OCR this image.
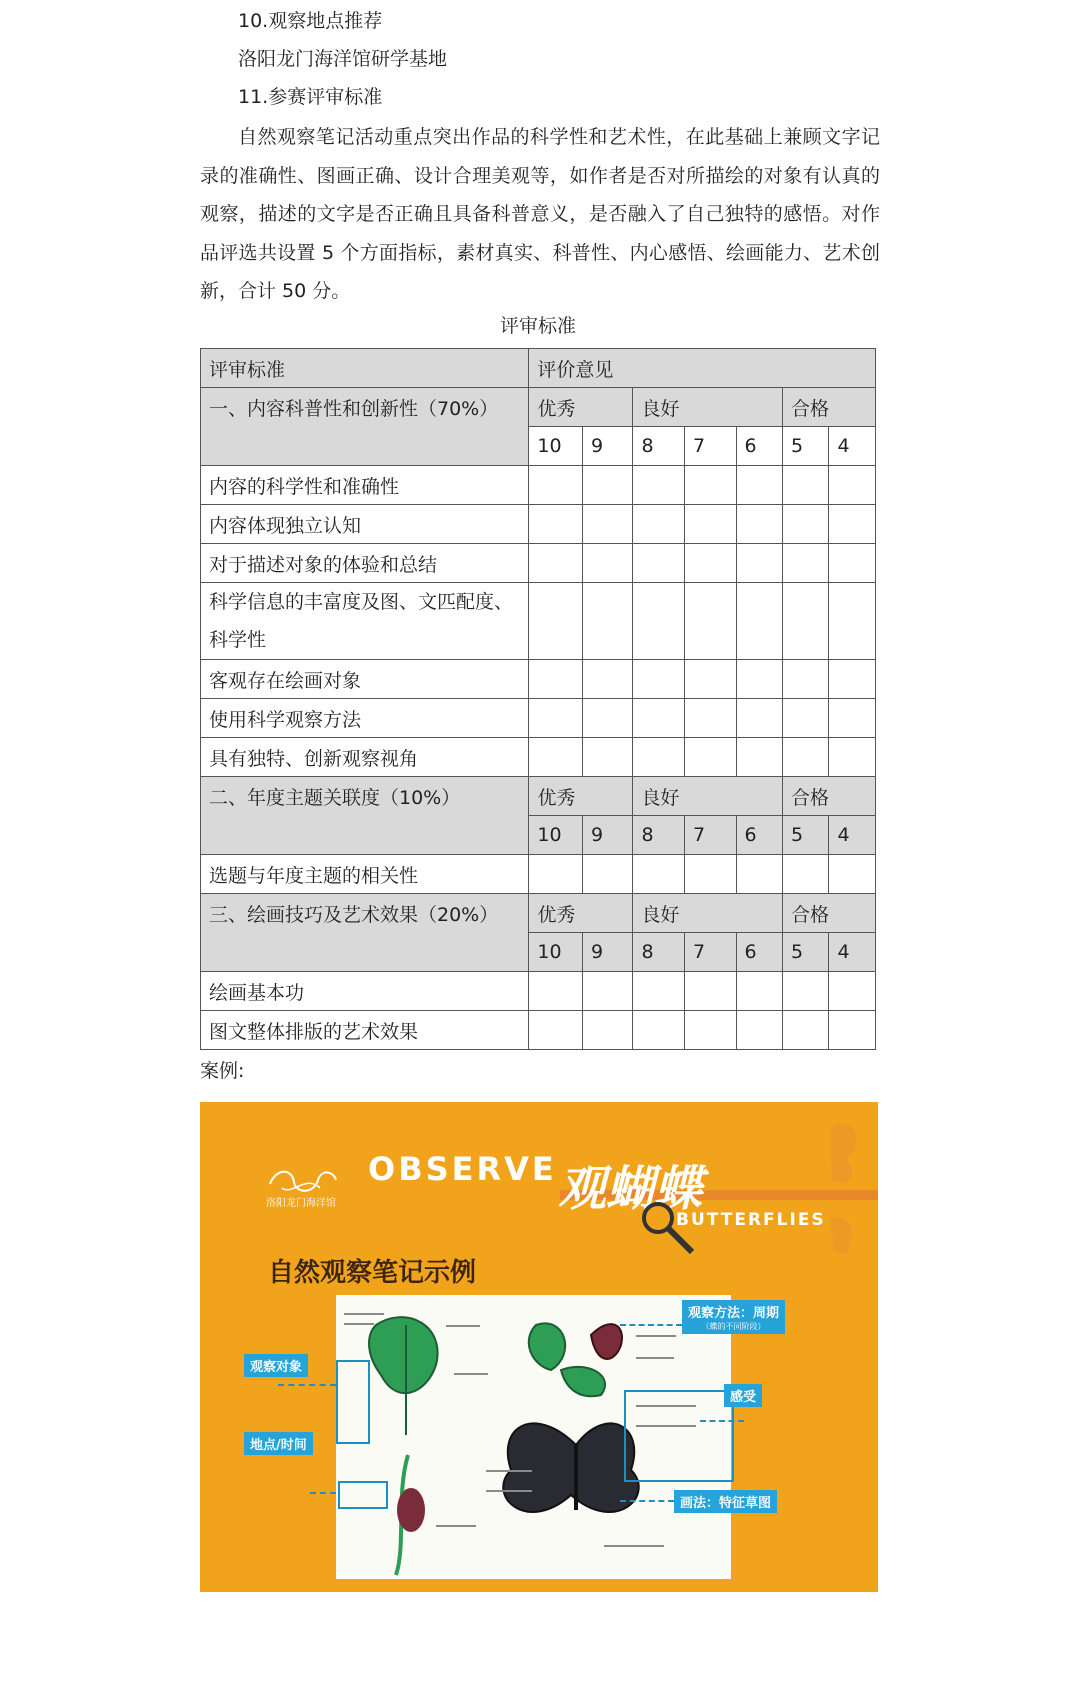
10.观察地点推荐
洛阳龙门海洋馆研学基地
11.参赛评审标准
自然观察笔记活动重点突出作品的科学性和艺术性，在此基础上兼顾文字记录的准确性、图画正确、设计合理美观等，如作者是否对所描绘的对象有认真的观察，描述的文字是否正确且具备科普意义，是否融入了自己独特的感悟。对作品评选共设置 5 个方面指标，素材真实、科普性、内心感悟、绘画能力、艺术创新，合计 50 分。
评审标准
评审标准	评价意见						
一、内容科普性和创新性（70%）	优秀		良好			合格	
	10	9	8	7	6	5	4
内容的科学性和准确性							
内容体现独立认知							
对于描述对象的体验和总结							
科学信息的丰富度及图、文匹配度、科学性							
客观存在绘画对象							
使用科学观察方法							
具有独特、创新观察视角							
二、年度主题关联度（10%）	优秀		良好			合格	
	10	9	8	7	6	5	4
选题与年度主题的相关性							
三、绘画技巧及艺术效果（20%）	优秀		良好			合格	
	10	9	8	7	6	5	4
绘画基本功							
图文整体排版的艺术效果							
案例:
洛阳龙门海洋馆
OBSERVE 观蝴蝶
BUTTERFLIES
自然观察笔记示例
观察方法：周期
（蝶的不同阶段）
观察对象
地点/时间
感受
画法：特征草图
